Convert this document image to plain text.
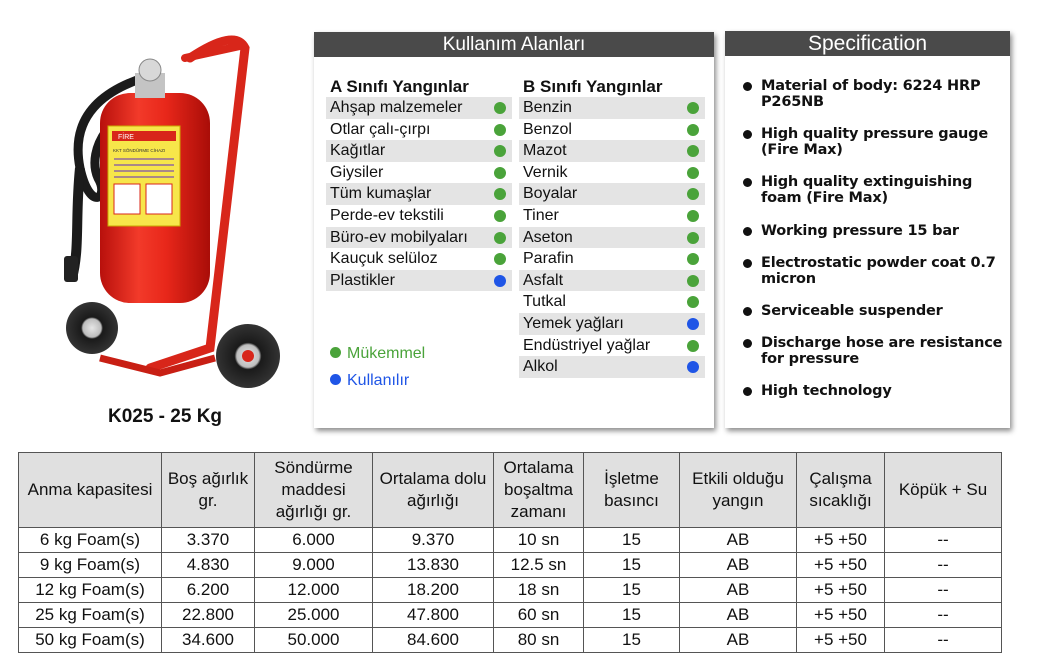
FİRE
KKT SÖNDÜRME CİHAZI
K025 - 25 Kg
Kullanım Alanları
A Sınıfı Yangınlar
Ahşap malzemeler
Otlar çalı-çırpı
Kağıtlar
Giysiler
Tüm kumaşlar
Perde-ev tekstili
Büro-ev mobilyaları
Kauçuk selüloz
Plastikler
B Sınıfı Yangınlar
Benzin
Benzol
Mazot
Vernik
Boyalar
Tiner
Aseton
Parafin
Asfalt
Tutkal
Yemek yağları
Endüstriyel yağlar
Alkol
Mükemmel
Kullanılır
Specification
Material of body: 6224 HRP P265NB
High quality pressure gauge (Fire Max)
High quality extinguishing foam (Fire Max)
Working pressure 15 bar
Electrostatic powder coat 0.7 micron
Serviceable suspender
Discharge hose are resistance for pressure
High technology
Anma kapasitesi	Boş ağırlık gr.	Söndürme maddesi ağırlığı gr.	Ortalama dolu ağırlığı	Ortalama boşaltma zamanı	İşletme basıncı	Etkili olduğu yangın	Çalışma sıcaklığı	Köpük + Su
6 kg Foam(s)	3.370	6.000	9.370	10 sn	15	AB	+5 +50	--
9 kg Foam(s)	4.830	9.000	13.830	12.5 sn	15	AB	+5 +50	--
12 kg Foam(s)	6.200	12.000	18.200	18 sn	15	AB	+5 +50	--
25 kg Foam(s)	22.800	25.000	47.800	60 sn	15	AB	+5 +50	--
50 kg Foam(s)	34.600	50.000	84.600	80 sn	15	AB	+5 +50	--
